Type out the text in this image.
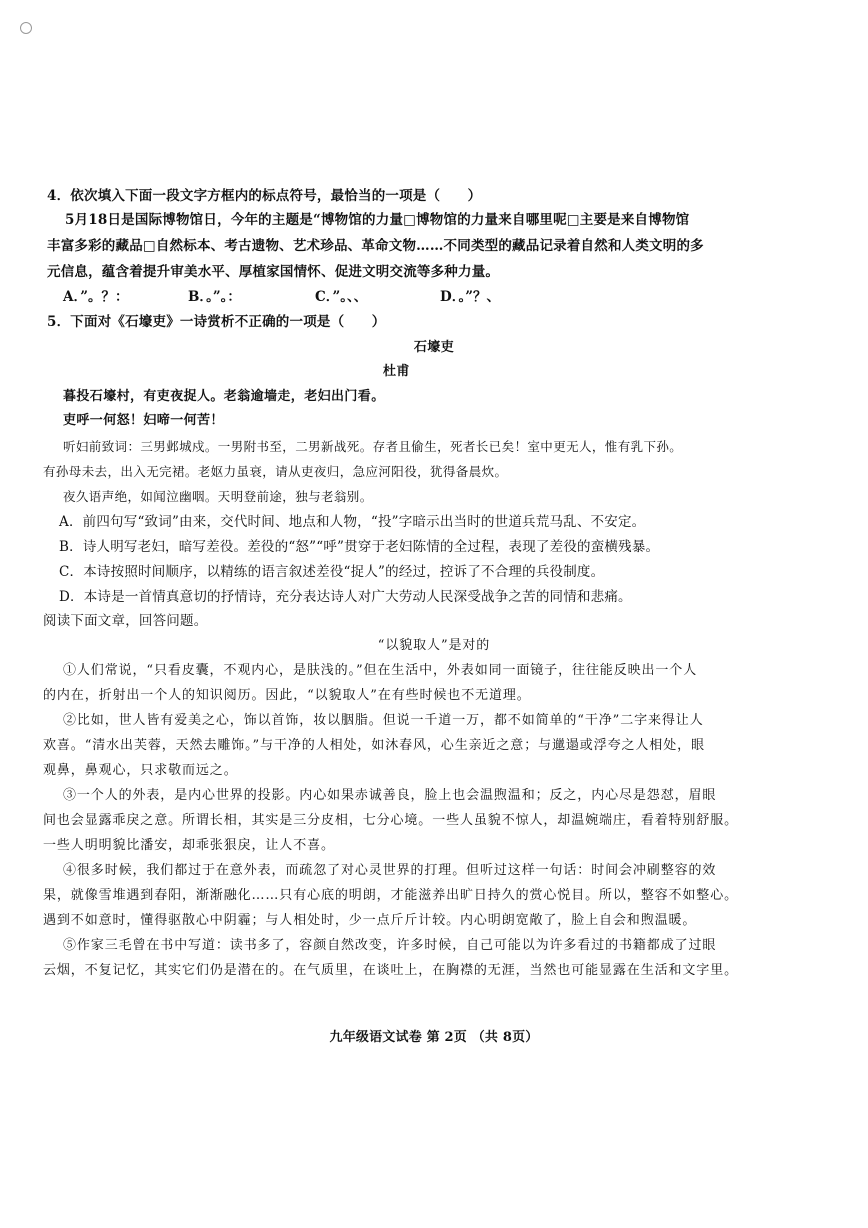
4．依次填入下面一段文字方框内的标点符号，最恰当的一项是（　　）
5月18日是国际博物馆日，今年的主题是“博物馆的力量□博物馆的力量来自哪里呢□主要是来自博物馆
丰富多彩的藏品□自然标本、考古遗物、艺术珍品、革命文物……不同类型的藏品记录着自然和人类文明的多
元信息，蕴含着提升审美水平、厚植家国情怀、促进文明交流等多种力量。
A．”。？：	B．。”。：	C．”。、、	D．。”？、
5．下面对《石壕吏》一诗赏析不正确的一项是（　　）
石壕吏
杜甫
暮投石壕村，有吏夜捉人。老翁逾墙走，老妇出门看。
吏呼一何怒！妇啼一何苦！
听妇前致词：三男邺城戍。一男附书至，二男新战死。存者且偷生，死者长已矣！室中更无人，惟有乳下孙。
有孙母未去，出入无完裙。老妪力虽衰，请从吏夜归，急应河阳役，犹得备晨炊。
夜久语声绝，如闻泣幽咽。天明登前途，独与老翁别。
A．前四句写“致词”由来，交代时间、地点和人物，“投”字暗示出当时的世道兵荒马乱、不安定。
B．诗人明写老妇，暗写差役。差役的“怒”“呼”贯穿于老妇陈情的全过程，表现了差役的蛮横残暴。
C．本诗按照时间顺序，以精练的语言叙述差役“捉人”的经过，控诉了不合理的兵役制度。
D．本诗是一首情真意切的抒情诗，充分表达诗人对广大劳动人民深受战争之苦的同情和悲痛。
阅读下面文章，回答问题。
“以貌取人”是对的
①人们常说，“只看皮囊，不观内心，是肤浅的。”但在生活中，外表如同一面镜子，往往能反映出一个人
的内在，折射出一个人的知识阅历。因此，“以貌取人”在有些时候也不无道理。
②比如，世人皆有爱美之心，饰以首饰，妆以胭脂。但说一千道一万，都不如简单的“干净”二字来得让人
欢喜。“清水出芙蓉，天然去雕饰。”与干净的人相处，如沐春风，心生亲近之意；与邋遢或浮夸之人相处，眼
观鼻，鼻观心，只求敬而远之。
③一个人的外表，是内心世界的投影。内心如果赤诚善良，脸上也会温煦温和；反之，内心尽是怨怼，眉眼
间也会显露乖戾之意。所谓长相，其实是三分皮相，七分心境。一些人虽貌不惊人，却温婉端庄，看着特别舒服。
一些人明明貌比潘安，却乖张狠戾，让人不喜。
④很多时候，我们都过于在意外表，而疏忽了对心灵世界的打理。但听过这样一句话：时间会冲刷整容的效
果，就像雪堆遇到春阳，渐渐融化……只有心底的明朗，才能滋养出旷日持久的赏心悦目。所以，整容不如整心。
遇到不如意时，懂得驱散心中阴霾；与人相处时，少一点斤斤计较。内心明朗宽敞了，脸上自会和煦温暖。
⑤作家三毛曾在书中写道：读书多了，容颜自然改变，许多时候，自己可能以为许多看过的书籍都成了过眼
云烟，不复记忆，其实它们仍是潜在的。在气质里，在谈吐上，在胸襟的无涯，当然也可能显露在生活和文字里。
九年级语文试卷 第 2页 （共 8页）
